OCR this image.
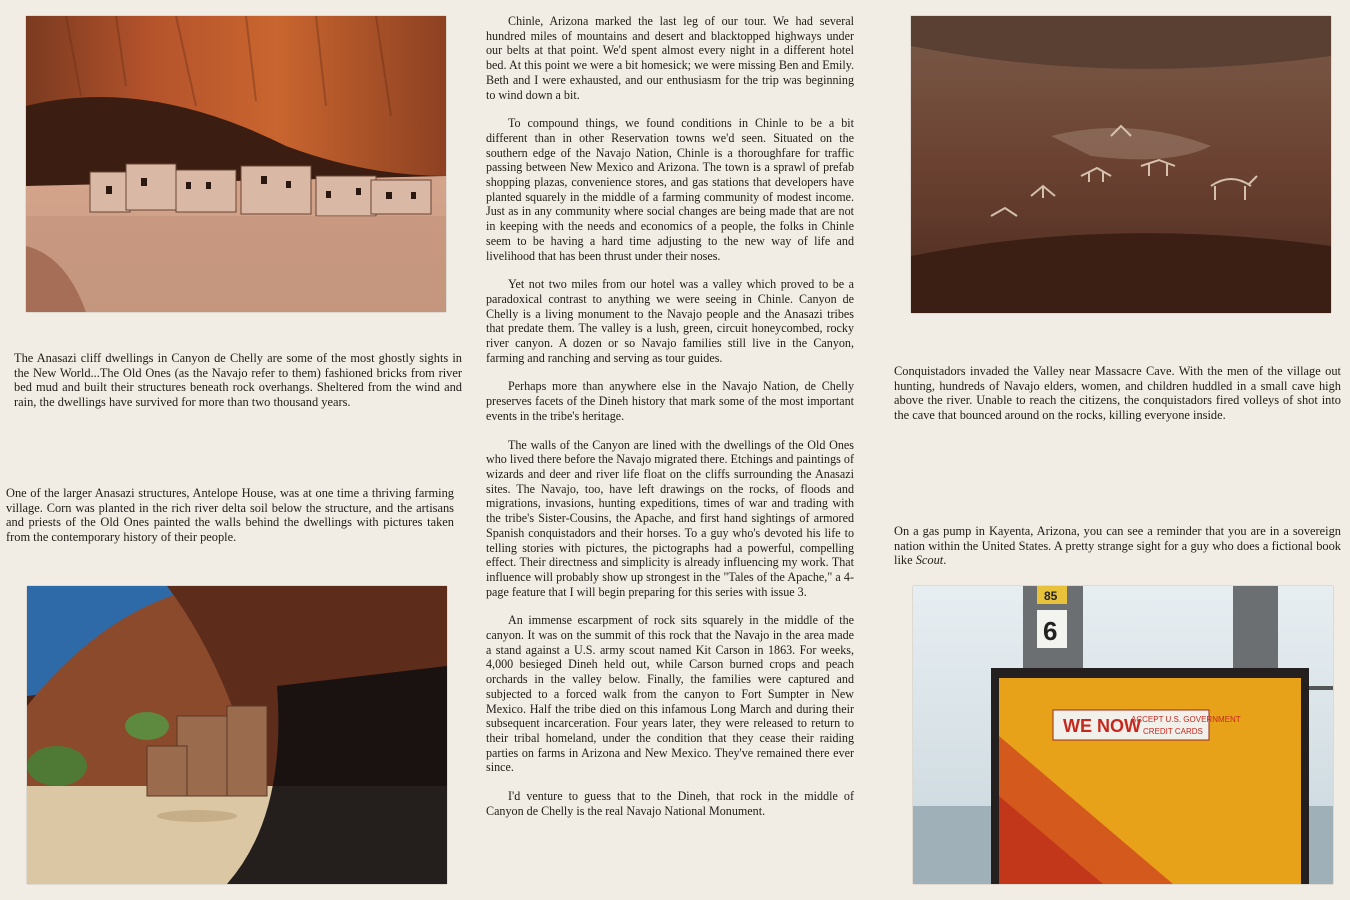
WE NOW
ACCEPT U.S. GOVERNMENT
CREDIT CARDS
85
6

The Anasazi cliff dwellings in Canyon de Chelly are some of the most ghostly sights in the New World...The Old Ones (as the Navajo refer to them) fashioned bricks from river bed mud and built their structures beneath rock overhangs. Sheltered from the wind and rain, the dwellings have survived for more than two thousand years.

One of the larger Anasazi structures, Antelope House, was at one time a thriving farming village. Corn was planted in the rich river delta soil below the structure, and the artisans and priests of the Old Ones painted the walls behind the dwellings with pictures taken from the contemporary history of their people.

Conquistadors invaded the Valley near Massacre Cave. With the men of the village out hunting, hundreds of Navajo elders, women, and children huddled in a small cave high above the river. Unable to reach the citizens, the conquistadors fired volleys of shot into the cave that bounced around on the rocks, killing everyone inside.

On a gas pump in Kayenta, Arizona, you can see a reminder that you are in a sovereign nation within the United States. A pretty strange sight for a guy who does a fictional book like Scout.

Chinle, Arizona marked the last leg of our tour. We had several hundred miles of mountains and desert and blacktopped highways under our belts at that point. We'd spent almost every night in a different hotel bed. At this point we were a bit homesick; we were missing Ben and Emily. Beth and I were exhausted, and our enthusiasm for the trip was beginning to wind down a bit.

To compound things, we found conditions in Chinle to be a bit different than in other Reservation towns we'd seen. Situated on the southern edge of the Navajo Nation, Chinle is a thoroughfare for traffic passing between New Mexico and Arizona. The town is a sprawl of prefab shopping plazas, convenience stores, and gas stations that developers have planted squarely in the middle of a farming community of modest income. Just as in any community where social changes are being made that are not in keeping with the needs and economics of a people, the folks in Chinle seem to be having a hard time adjusting to the new way of life and livelihood that has been thrust under their noses.

Yet not two miles from our hotel was a valley which proved to be a paradoxical contrast to anything we were seeing in Chinle. Canyon de Chelly is a living monument to the Navajo people and the Anasazi tribes that predate them. The valley is a lush, green, circuit honeycombed, rocky river canyon. A dozen or so Navajo families still live in the Canyon, farming and ranching and serving as tour guides.

Perhaps more than anywhere else in the Navajo Nation, de Chelly preserves facets of the Dineh history that mark some of the most important events in the tribe's heritage.

The walls of the Canyon are lined with the dwellings of the Old Ones who lived there before the Navajo migrated there. Etchings and paintings of wizards and deer and river life float on the cliffs surrounding the Anasazi sites. The Navajo, too, have left drawings on the rocks, of floods and migrations, invasions, hunting expeditions, times of war and trading with the tribe's Sister-Cousins, the Apache, and first hand sightings of armored Spanish conquistadors and their horses. To a guy who's devoted his life to telling stories with pictures, the pictographs had a powerful, compelling effect. Their directness and simplicity is already influencing my work. That influence will probably show up strongest in the "Tales of the Apache," a 4-page feature that I will begin preparing for this series with issue 3.

An immense escarpment of rock sits squarely in the middle of the canyon. It was on the summit of this rock that the Navajo in the area made a stand against a U.S. army scout named Kit Carson in 1863. For weeks, 4,000 besieged Dineh held out, while Carson burned crops and peach orchards in the valley below. Finally, the families were captured and subjected to a forced walk from the canyon to Fort Sumpter in New Mexico. Half the tribe died on this infamous Long March and during their subsequent incarceration. Four years later, they were released to return to their tribal homeland, under the condition that they cease their raiding parties on farms in Arizona and New Mexico. They've remained there ever since.

I'd venture to guess that to the Dineh, that rock in the middle of Canyon de Chelly is the real Navajo National Monument.
